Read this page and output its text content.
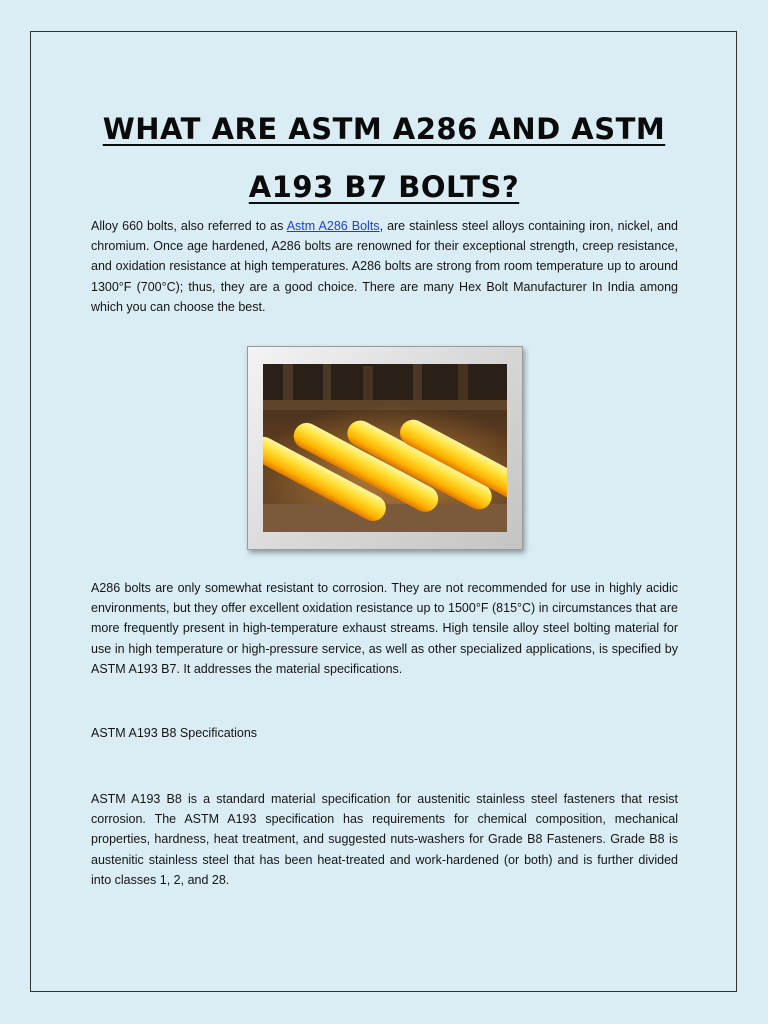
WHAT ARE ASTM A286 AND ASTM A193 B7 BOLTS?

Alloy 660 bolts, also referred to as Astm A286 Bolts, are stainless steel alloys containing iron, nickel, and chromium. Once age hardened, A286 bolts are renowned for their exceptional strength, creep resistance, and oxidation resistance at high temperatures. A286 bolts are strong from room temperature up to around 1300°F (700°C); thus, they are a good choice. There are many Hex Bolt Manufacturer In India among which you can choose the best.

A286 bolts are only somewhat resistant to corrosion. They are not recommended for use in highly acidic environments, but they offer excellent oxidation resistance up to 1500°F (815°C) in circumstances that are more frequently present in high-temperature exhaust streams. High tensile alloy steel bolting material for use in high temperature or high-pressure service, as well as other specialized applications, is specified by ASTM A193 B7. It addresses the material specifications.

ASTM A193 B8 Specifications

ASTM A193 B8 is a standard material specification for austenitic stainless steel fasteners that resist corrosion. The ASTM A193 specification has requirements for chemical composition, mechanical properties, hardness, heat treatment, and suggested nuts-washers for Grade B8 Fasteners. Grade B8 is austenitic stainless steel that has been heat-treated and work-hardened (or both) and is further divided into classes 1, 2, and 28.
